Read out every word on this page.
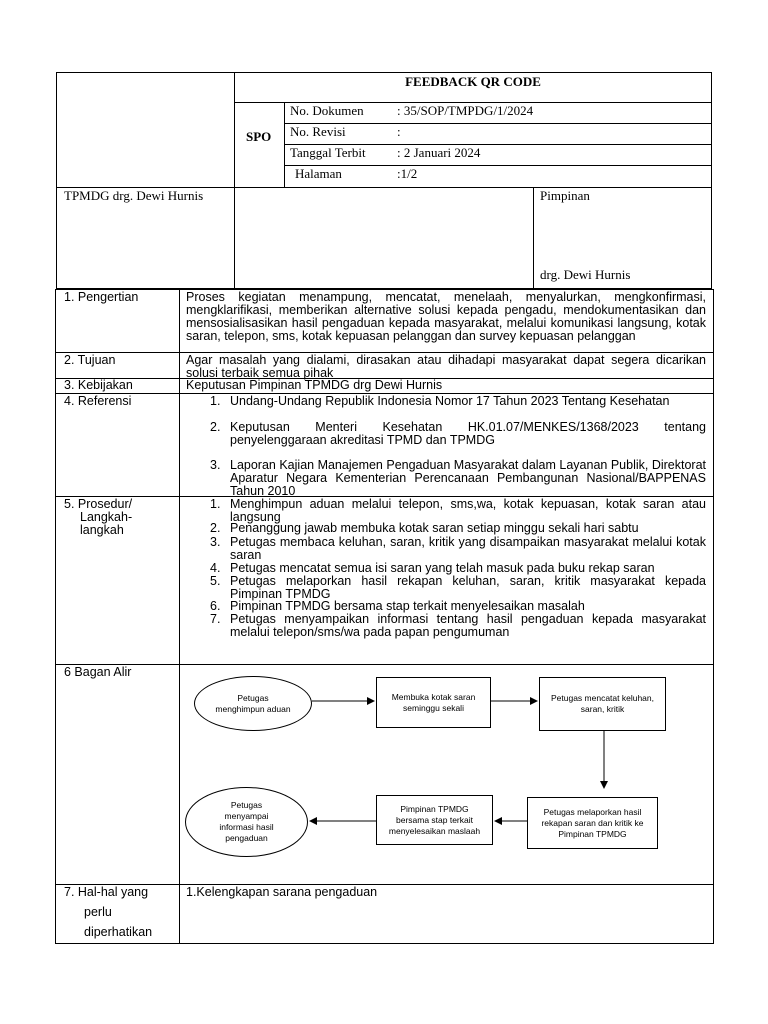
FEEDBACK QR CODE
SPO
No. Dokumen	: 35/SOP/TMPDG/1/2024
No. Revisi	:
Tanggal Terbit : 2 Januari 2024
Halaman	:1/2
TPMDG drg. Dewi Hurnis	Pimpinan
drg. Dewi Hurnis
1. Pengertian	Proses kegiatan menampung, mencatat, menelaah, menyalurkan, mengkonfirmasi, mengklarifikasi, memberikan alternative solusi kepada pengadu, mendokumentasikan dan mensosialisasikan hasil pengaduan kepada masyarakat, melalui komunikasi langsung, kotak saran, telepon, sms, kotak kepuasan pelanggan dan survey kepuasan pelanggan
2. Tujuan	Agar masalah yang dialami, dirasakan atau dihadapi masyarakat dapat segera dicarikan solusi terbaik semua pihak
3. Kebijakan	Keputusan Pimpinan TPMDG drg Dewi Hurnis
4. Referensi	1. Undang-Undang Republik Indonesia Nomor 17 Tahun 2023 Tentang Kesehatan
2. Keputusan Menteri Kesehatan HK.01.07/MENKES/1368/2023 tentang penyelenggaraan akreditasi TPMD dan TPMDG
3. Laporan Kajian Manajemen Pengaduan Masyarakat dalam Layanan Publik, Direktorat Aparatur Negara Kementerian Perencanaan Pembangunan Nasional/BAPPENAS Tahun 2010
5. Prosedur/
Langkah-
langkah
1. Menghimpun aduan melalui telepon, sms,wa, kotak kepuasan, kotak saran atau langsung
2. Penanggung jawab membuka kotak saran setiap minggu sekali hari sabtu
3. Petugas membaca keluhan, saran, kritik yang disampaikan masyarakat melalui kotak saran
4. Petugas mencatat semua isi saran yang telah masuk pada buku rekap saran
5. Petugas melaporkan hasil rekapan keluhan, saran, kritik masyarakat kepada Pimpinan TPMDG
6. Pimpinan TPMDG bersama stap terkait menyelesaikan masalah
7. Petugas menyampaikan informasi tentang hasil pengaduan kepada masyarakat melalui telepon/sms/wa pada papan pengumuman
6 Bagan Alir
Petugas menghimpun aduan
Membuka kotak saran seminggu sekali
Petugas mencatat keluhan, saran, kritik
Petugas melaporkan hasil rekapan saran dan kritik ke Pimpinan TPMDG
Pimpinan TPMDG bersama stap terkait menyelesaikan maslaah
Petugas menyampai informasi hasil pengaduan
7. Hal-hal yang
perlu
diperhatikan
1.Kelengkapan sarana pengaduan
